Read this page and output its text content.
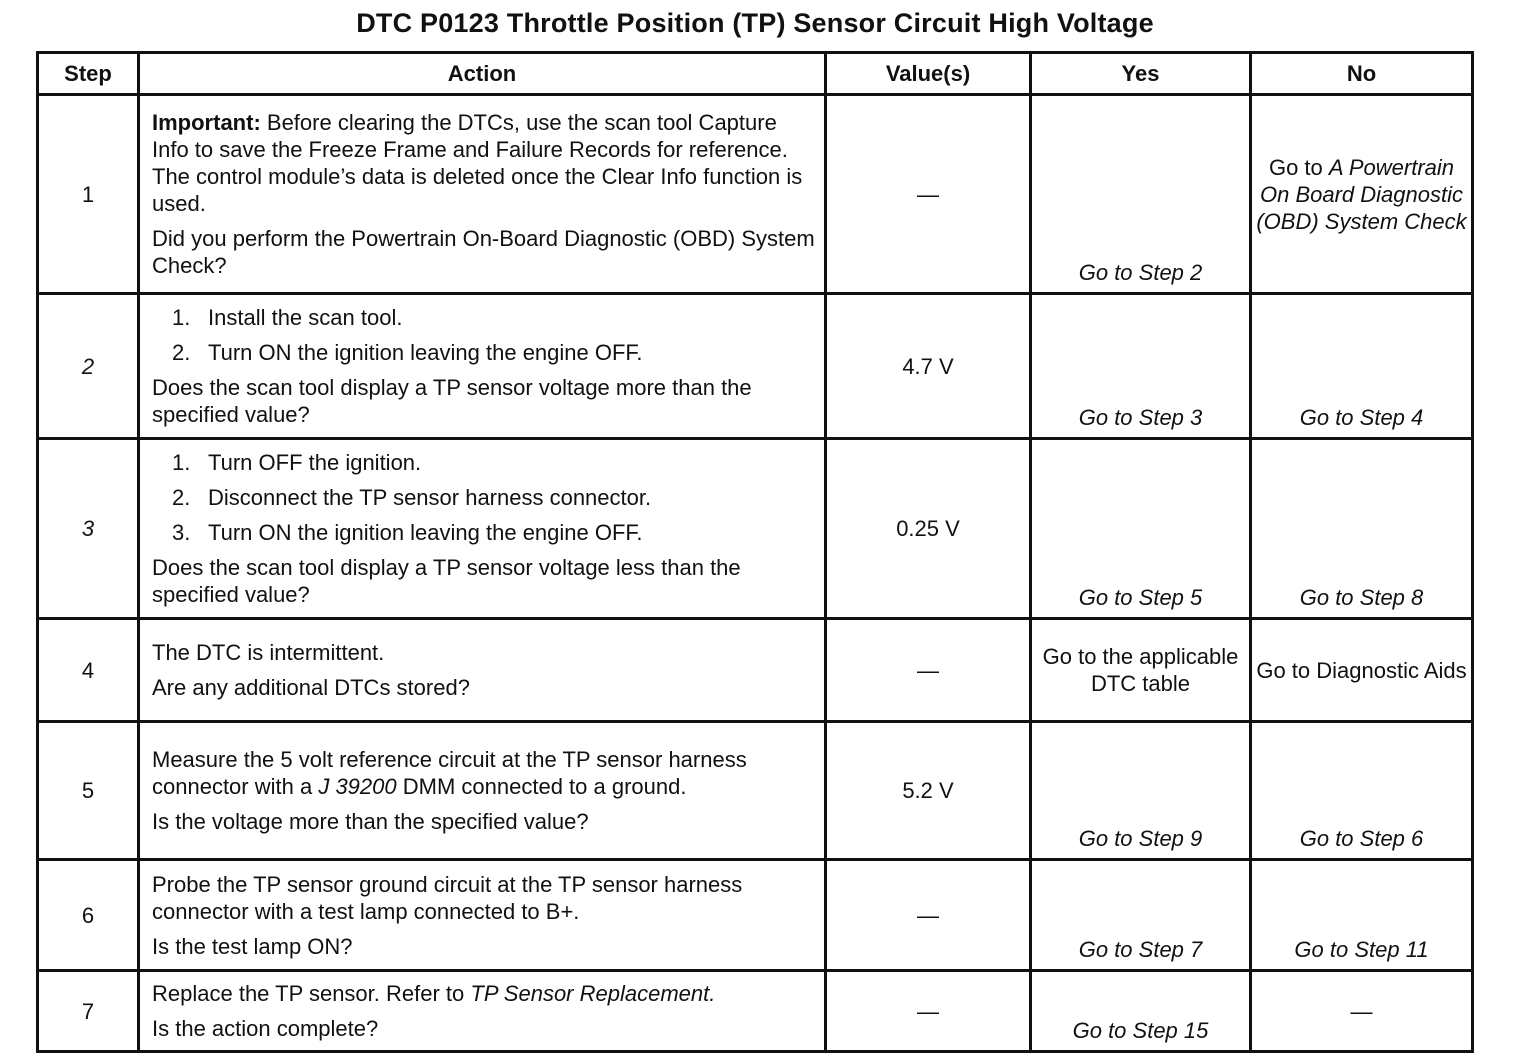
DTC P0123 Throttle Position (TP) Sensor Circuit High Voltage
Step	Action	Value(s)	Yes	No
1	Important: Before clearing the DTCs, use the scan tool Capture Info to save the Freeze Frame and Failure Records for reference. The control module’s data is deleted once the Clear Info function is used.

Did you perform the Powertrain On-Board Diagnostic (OBD) System Check?	—	Go to Step 2	Go to A Powertrain On Board Diagnostic (OBD) System Check
2	1. Install the scan tool.
2. Turn ON the ignition leaving the engine OFF.

Does the scan tool display a TP sensor voltage more than the specified value?	4.7 V	Go to Step 3	Go to Step 4
3	1. Turn OFF the ignition.
2. Disconnect the TP sensor harness connector.
3. Turn ON the ignition leaving the engine OFF.

Does the scan tool display a TP sensor voltage less than the specified value?	0.25 V	Go to Step 5	Go to Step 8
4	The DTC is intermittent.

Are any additional DTCs stored?	—	Go to the applicable DTC table	Go to Diagnostic Aids
5	Measure the 5 volt reference circuit at the TP sensor harness connector with a J 39200 DMM connected to a ground.

Is the voltage more than the specified value?	5.2 V	Go to Step 9	Go to Step 6
6	Probe the TP sensor ground circuit at the TP sensor harness connector with a test lamp connected to B+.

Is the test lamp ON?	—	Go to Step 7	Go to Step 11
7	Replace the TP sensor. Refer to TP Sensor Replacement.

Is the action complete?	—	Go to Step 15	—
